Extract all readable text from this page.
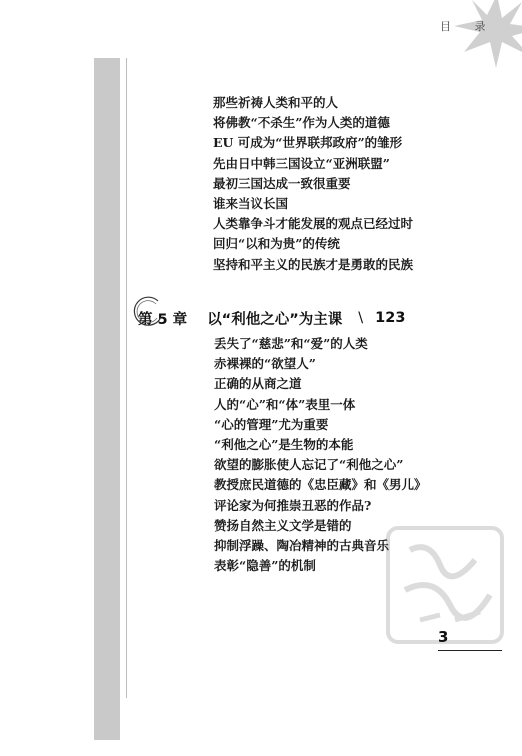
目 录
那些祈祷人类和平的人
将佛教“不杀生”作为人类的道德
EU 可成为“世界联邦政府”的雏形
先由日中韩三国设立“亚洲联盟”
最初三国达成一致很重要
谁来当议长国
人类靠争斗才能发展的观点已经过时
回归“以和为贵”的传统
坚持和平主义的民族才是勇敢的民族
第 5 章 以“利他之心”为主课 \ 123
丢失了“慈悲”和“爱”的人类
赤裸裸的“欲望人”
正确的从商之道
人的“心”和“体”表里一体
“心的管理”尤为重要
“利他之心”是生物的本能
欲望的膨胀使人忘记了“利他之心”
教授庶民道德的《忠臣藏》和《男儿》
评论家为何推崇丑恶的作品?
赞扬自然主义文学是错的
抑制浮躁、陶冶精神的古典音乐
表彰“隐善”的机制
3
